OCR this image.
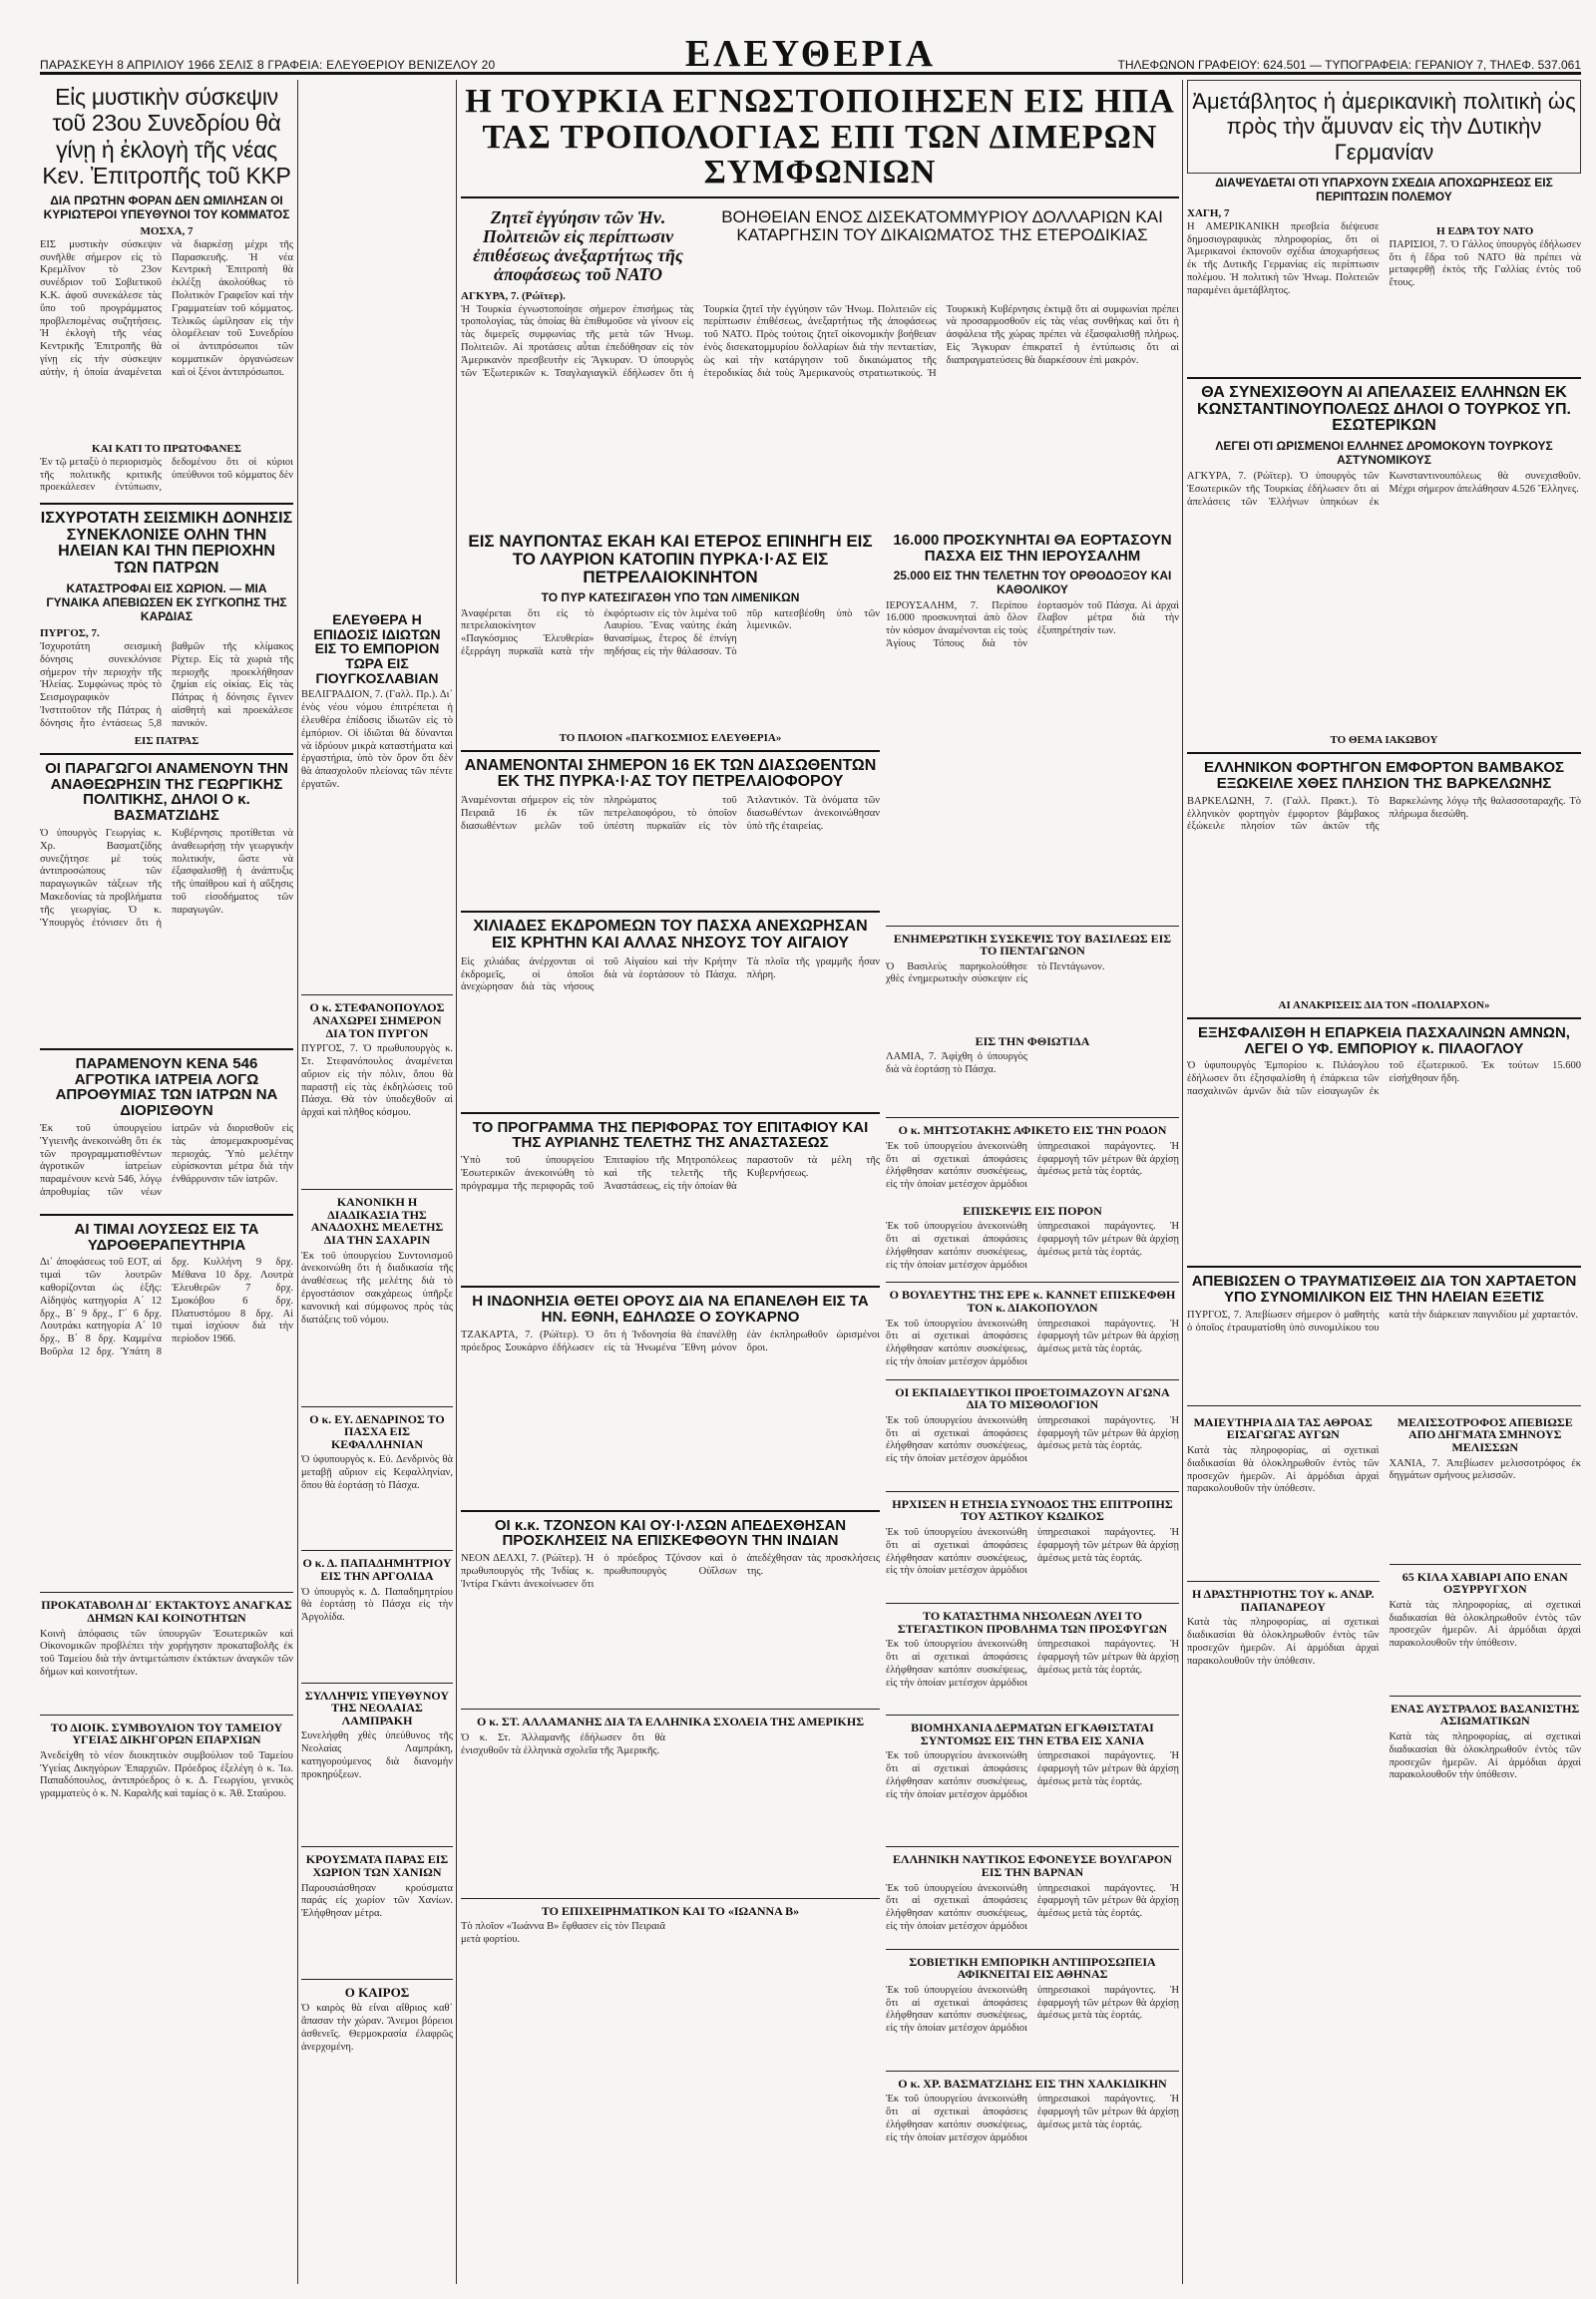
ΠΑΡΑΣΚΕΥΗ 8 ΑΠΡΙΛΙΟΥ 1966 ΣΕΛΙΣ 8 ΓΡΑΦΕΙΑ: ΕΛΕΥΘΕΡΙΟΥ ΒΕΝΙΖΕΛΟΥ 20	ΕΛΕΥΘΕΡΙΑ	ΤΗΛΕΦΩΝΟΝ ΓΡΑΦΕΙΟΥ: 624.501 — ΤΥΠΟΓΡΑΦΕΙΑ: ΓΕΡΑΝΙΟΥ 7, ΤΗΛΕΦ. 537.061
Εἰς μυστικὴν σύσκεψιν τοῦ 23ου Συνεδρίου θὰ γίνῃ ἡ ἐκλογὴ τῆς νέας Κεν. Ἐπιτροπῆς τοῦ ΚΚΡ
ΔΙΑ ΠΡΩΤΗΝ ΦΟΡΑΝ ΔΕΝ ΩΜΙΛΗΣΑΝ ΟΙ ΚΥΡΙΩΤΕΡΟΙ ΥΠΕΥΘΥΝΟΙ ΤΟΥ ΚΟΜΜΑΤΟΣ
ΜΟΣΧΑ, 7
ΕΙΣ μυστικὴν σύσκεψιν συνῆλθε σήμερον εἰς τὸ Κρεμλῖνον τὸ 23ον συνέδριον τοῦ Σοβιετικοῦ Κ.Κ. ἀφοῦ συνεκάλεσε τὰς ὕπο τοῦ προγράμματος προβλεπομένας συζητήσεις. Ἡ ἐκλογὴ τῆς νέας Κεντρικῆς Ἐπιτροπῆς θὰ γίνῃ εἰς τὴν σύσκεψιν αὐτὴν, ἡ ὁποία ἀναμένεται νὰ διαρκέσῃ μέχρι τῆς Παρασκευῆς. Ἡ νέα Κεντρικὴ Ἐπιτροπὴ θὰ ἐκλέξῃ ἀκολούθως τὸ Πολιτικὸν Γραφεῖον καὶ τὴν Γραμματείαν τοῦ κόμματος. Τελικῶς ὡμίλησαν εἰς τὴν ὁλομέλειαν τοῦ Συνεδρίου οἱ ἀντιπρόσωποι τῶν κομματικῶν ὀργανώσεων καὶ οἱ ξένοι ἀντιπρόσωποι.
ΚΑΙ ΚΑΤΙ ΤΟ ΠΡΩΤΟΦΑΝΕΣ
Ἐν τῷ μεταξὺ ὁ περιορισμὸς τῆς πολιτικῆς κριτικῆς προεκάλεσεν ἐντύπωσιν, δεδομένου ὅτι οἱ κύριοι ὑπεύθυνοι τοῦ κόμματος δὲν
ΙΣΧΥΡΟΤΑΤΗ ΣΕΙΣΜΙΚΗ ΔΟΝΗΣΙΣ ΣΥΝΕΚΛΟΝΙΣΕ ΟΛΗΝ ΤΗΝ ΗΛΕΙΑΝ ΚΑΙ ΤΗΝ ΠΕΡΙΟΧΗΝ ΤΩΝ ΠΑΤΡΩΝ
ΚΑΤΑΣΤΡΟΦΑΙ ΕΙΣ ΧΩΡΙΟΝ. — ΜΙΑ ΓΥΝΑΙΚΑ ΑΠΕΒΙΩΣΕΝ ΕΚ ΣΥΓΚΟΠΗΣ ΤΗΣ ΚΑΡΔΙΑΣ
ΠΥΡΓΟΣ, 7.
Ἰσχυροτάτη σεισμικὴ δόνησις συνεκλόνισε σήμερον τὴν περιοχὴν τῆς Ἠλείας. Συμφώνως πρὸς τὸ Σεισμογραφικὸν Ἰνστιτοῦτον τῆς Πάτρας ἡ δόνησις ἦτο ἐντάσεως 5,8 βαθμῶν τῆς κλίμακος Ρίχτερ. Εἰς τὰ χωριὰ τῆς περιοχῆς προεκλήθησαν ζημίαι εἰς οἰκίας. Εἰς τὰς Πάτρας ἡ δόνησις ἔγινεν αἰσθητὴ καὶ προεκάλεσε πανικόν.
ΕΙΣ ΠΑΤΡΑΣ
ΟΙ ΠΑΡΑΓΩΓΟΙ ΑΝΑΜΕΝΟΥΝ ΤΗΝ ΑΝΑΘΕΩΡΗΣΙΝ ΤΗΣ ΓΕΩΡΓΙΚΗΣ ΠΟΛΙΤΙΚΗΣ, ΔΗΛΟΙ Ο κ. ΒΑΣΜΑΤΖΙΔΗΣ
Ὁ ὑπουργὸς Γεωργίας κ. Χρ. Βασματζίδης συνεζήτησε μὲ τοὺς ἀντιπροσώπους τῶν παραγωγικῶν τάξεων τῆς Μακεδονίας τὰ προβλήματα τῆς γεωργίας. Ὁ κ. Ὑπουργὸς ἐτόνισεν ὅτι ἡ Κυβέρνησις προτίθεται νὰ ἀναθεωρήσῃ τὴν γεωργικὴν πολιτικήν, ὥστε νὰ ἐξασφαλισθῇ ἡ ἀνάπτυξις τῆς ὑπαίθρου καὶ ἡ αὔξησις τοῦ εἰσοδήματος τῶν παραγωγῶν.
ΠΑΡΑΜΕΝΟΥΝ ΚΕΝΑ 546 ΑΓΡΟΤΙΚΑ ΙΑΤΡΕΙΑ ΛΟΓΩ ΑΠΡΟΘΥΜΙΑΣ ΤΩΝ ΙΑΤΡΩΝ ΝΑ ΔΙΟΡΙΣΘΟΥΝ
Ἐκ τοῦ ὑπουργείου Ὑγιεινῆς ἀνεκοινώθη ὅτι ἐκ τῶν προγραμματισθέντων ἀγροτικῶν ἰατρείων παραμένουν κενὰ 546, λόγῳ ἀπροθυμίας τῶν νέων ἰατρῶν νὰ διορισθοῦν εἰς τὰς ἀπομεμακρυσμένας περιοχάς. Ὑπὸ μελέτην εὑρίσκονται μέτρα διὰ τὴν ἐνθάρρυνσιν τῶν ἰατρῶν.
ΑΙ ΤΙΜΑΙ ΛΟΥΣΕΩΣ ΕΙΣ ΤΑ ΥΔΡΟΘΕΡΑΠΕΥΤΗΡΙΑ
Δι᾽ ἀποφάσεως τοῦ ΕΟΤ, αἱ τιμαὶ τῶν λουτρῶν καθορίζονται ὡς ἑξῆς: Αἰδηψὸς κατηγορία Α΄ 12 δρχ., Β΄ 9 δρχ., Γ΄ 6 δρχ. Λουτράκι κατηγορία Α΄ 10 δρχ., Β΄ 8 δρχ. Καμμένα Βοῦρλα 12 δρχ. Ὑπάτη 8 δρχ. Κυλλήνη 9 δρχ. Μέθανα 10 δρχ. Λουτρὰ Ἐλευθερῶν 7 δρχ. Σμοκόβου 6 δρχ. Πλατυστόμου 8 δρχ. Αἱ τιμαὶ ἰσχύουν διὰ τὴν περίοδον 1966.
ΠΡΟΚΑΤΑΒΟΛΗ ΔΙ᾽ ΕΚΤΑΚΤΟΥΣ ΑΝΑΓΚΑΣ ΔΗΜΩΝ ΚΑΙ ΚΟΙΝΟΤΗΤΩΝ
Κοινὴ ἀπόφασις τῶν ὑπουργῶν Ἐσωτερικῶν καὶ Οἰκονομικῶν προβλέπει τὴν χορήγησιν προκαταβολῆς ἐκ τοῦ Ταμείου διὰ τὴν ἀντιμετώπισιν ἐκτάκτων ἀναγκῶν τῶν δήμων καὶ κοινοτήτων.
ΤΟ ΔΙΟΙΚ. ΣΥΜΒΟΥΛΙΟΝ ΤΟΥ ΤΑΜΕΙΟΥ ΥΓΕΙΑΣ ΔΙΚΗΓΟΡΩΝ ΕΠΑΡΧΙΩΝ
Ἀνεδείχθη τὸ νέον διοικητικὸν συμβούλιον τοῦ Ταμείου Ὑγείας Δικηγόρων Ἐπαρχιῶν. Πρόεδρος ἐξελέγη ὁ κ. Ἰω. Παπαδόπουλος, ἀντιπρόεδρος ὁ κ. Δ. Γεωργίου, γενικὸς γραμματεὺς ὁ κ. Ν. Καραλῆς καὶ ταμίας ὁ κ. Ἀθ. Σταύρου.
Η ΤΟΥΡΚΙΑ ΕΓΝΩΣΤΟΠΟΙΗΣΕΝ ΕΙΣ ΗΠΑ ΤΑΣ ΤΡΟΠΟΛΟΓΙΑΣ ΕΠΙ ΤΩΝ ΔΙΜΕΡΩΝ ΣΥΜΦΩΝΙΩΝ
Ζητεῖ ἐγγύησιν τῶν Ἡν. Πολιτειῶν εἰς περίπτωσιν ἐπιθέσεως ἀνεξαρτήτως τῆς ἀποφάσεως τοῦ ΝΑΤΟ
ΒΟΗΘΕΙΑΝ ΕΝΟΣ ΔΙΣΕΚΑΤΟΜΜΥΡΙΟΥ ΔΟΛΛΑΡΙΩΝ ΚΑΙ ΚΑΤΑΡΓΗΣΙΝ ΤΟΥ ΔΙΚΑΙΩΜΑΤΟΣ ΤΗΣ ΕΤΕΡΟΔΙΚΙΑΣ
ΑΓΚΥΡΑ, 7. (Ρώϊτερ).
Ἡ Τουρκία ἐγνωστοποίησε σήμερον ἐπισήμως τὰς τροπολογίας, τὰς ὁποίας θὰ ἐπιθυμοῦσε νὰ γίνουν εἰς τὰς διμερεῖς συμφωνίας τῆς μετὰ τῶν Ἡνωμ. Πολιτειῶν. Αἱ προτάσεις αὗται ἐπεδόθησαν εἰς τὸν Ἀμερικανὸν πρεσβευτὴν εἰς Ἄγκυραν. Ὁ ὑπουργὸς τῶν Ἐξωτερικῶν κ. Τσαγλαγιαγκὶλ ἐδήλωσεν ὅτι ἡ Τουρκία ζητεῖ τὴν ἐγγύησιν τῶν Ἡνωμ. Πολιτειῶν εἰς περίπτωσιν ἐπιθέσεως, ἀνεξαρτήτως τῆς ἀποφάσεως τοῦ ΝΑΤΟ. Πρὸς τούτοις ζητεῖ οἰκονομικὴν βοήθειαν ἑνὸς δισεκατομμυρίου δολλαρίων διὰ τὴν πενταετίαν, ὡς καὶ τὴν κατάργησιν τοῦ δικαιώματος τῆς ἑτεροδικίας διὰ τοὺς Ἀμερικανοὺς στρατιωτικούς. Ἡ Τουρκικὴ Κυβέρνησις ἐκτιμᾷ ὅτι αἱ συμφωνίαι πρέπει νὰ προσαρμοσθοῦν εἰς τὰς νέας συνθήκας καὶ ὅτι ἡ ἀσφάλεια τῆς χώρας πρέπει νὰ ἐξασφαλισθῇ πλήρως. Εἰς Ἄγκυραν ἐπικρατεῖ ἡ ἐντύπωσις ὅτι αἱ διαπραγματεύσεις θὰ διαρκέσουν ἐπὶ μακρόν.
ΕΛΕΥΘΕΡΑ Η ΕΠΙΔΟΣΙΣ ΙΔΙΩΤΩΝ ΕΙΣ ΤΟ ΕΜΠΟΡΙΟΝ ΤΩΡΑ ΕΙΣ ΓΙΟΥΓΚΟΣΛΑΒΙΑΝ
ΒΕΛΙΓΡΑΔΙΟΝ, 7. (Γαλλ. Πρ.). Δι᾽ ἑνὸς νέου νόμου ἐπιτρέπεται ἡ ἐλευθέρα ἐπίδοσις ἰδιωτῶν εἰς τὸ ἐμπόριον. Οἱ ἰδιῶται θὰ δύνανται νὰ ἱδρύουν μικρὰ καταστήματα καὶ ἐργαστήρια, ὑπὸ τὸν ὅρον ὅτι δὲν θὰ ἀπασχολοῦν πλείονας τῶν πέντε ἐργατῶν.
Ο κ. ΣΤΕΦΑΝΟΠΟΥΛΟΣ ΑΝΑΧΩΡΕΙ ΣΗΜΕΡΟΝ ΔΙΑ ΤΟΝ ΠΥΡΓΟΝ
ΠΥΡΓΟΣ, 7. Ὁ πρωθυπουργὸς κ. Στ. Στεφανόπουλος ἀναμένεται αὔριον εἰς τὴν πόλιν, ὅπου θὰ παραστῇ εἰς τὰς ἐκδηλώσεις τοῦ Πάσχα. Θὰ τὸν ὑποδεχθοῦν αἱ ἀρχαὶ καὶ πλῆθος κόσμου.
ΚΑΝΟΝΙΚΗ Η ΔΙΑΔΙΚΑΣΙΑ ΤΗΣ ΑΝΑΔΟΧΗΣ ΜΕΛΕΤΗΣ ΔΙΑ ΤΗΝ ΣΑΧΑΡΙΝ
Ἐκ τοῦ ὑπουργείου Συντονισμοῦ ἀνεκοινώθη ὅτι ἡ διαδικασία τῆς ἀναθέσεως τῆς μελέτης διὰ τὸ ἐργοστάσιον σακχάρεως ὑπῆρξε κανονικὴ καὶ σύμφωνος πρὸς τὰς διατάξεις τοῦ νόμου.
Ο κ. ΕΥ. ΔΕΝΔΡΙΝΟΣ ΤΟ ΠΑΣΧΑ ΕΙΣ ΚΕΦΑΛΛΗΝΙΑΝ
Ὁ ὑφυπουργὸς κ. Εὐ. Δενδρινὸς θὰ μεταβῇ αὔριον εἰς Κεφαλληνίαν, ὅπου θὰ ἑορτάσῃ τὸ Πάσχα.
Ο κ. Δ. ΠΑΠΑΔΗΜΗΤΡΙΟΥ ΕΙΣ ΤΗΝ ΑΡΓΟΛΙΔΑ
Ὁ ὑπουργὸς κ. Δ. Παπαδημητρίου θὰ ἑορτάσῃ τὸ Πάσχα εἰς τὴν Ἀργολίδα.
ΣΥΛΛΗΨΙΣ ΥΠΕΥΘΥΝΟΥ ΤΗΣ ΝΕΟΛΑΙΑΣ ΛΑΜΠΡΑΚΗ
Συνελήφθη χθὲς ὑπεύθυνος τῆς Νεολαίας Λαμπράκη, κατηγορούμενος διὰ διανομὴν προκηρύξεων.
ΚΡΟΥΣΜΑΤΑ ΠΑΡΑΣ ΕΙΣ ΧΩΡΙΟΝ ΤΩΝ ΧΑΝΙΩΝ
Παρουσιάσθησαν κρούσματα παράς εἰς χωρίον τῶν Χανίων. Ἐλήφθησαν μέτρα.
Ο ΚΑΙΡΟΣ
Ὁ καιρὸς θὰ εἶναι αἴθριος καθ᾽ ἅπασαν τὴν χώραν. Ἄνεμοι βόρειοι ἀσθενεῖς. Θερμοκρασία ἐλαφρῶς ἀνερχομένη.
ΕΙΣ ΝΑΥΠΟΝΤΑΣ ΕΚΑΗ ΚΑΙ ΕΤΕΡΟΣ ΕΠΙΝΗΓΗ ΕΙΣ ΤΟ ΛΑΥΡΙΟΝ ΚΑΤΟΠΙΝ ΠΥΡΚΑ·Ι·ΑΣ ΕΙΣ ΠΕΤΡΕΛΑΙΟΚΙΝΗΤΟΝ
ΤΟ ΠΥΡ ΚΑΤΕΣΙΓΑΣΘΗ ΥΠΟ ΤΩΝ ΛΙΜΕΝΙΚΩΝ
Ἀναφέρεται ὅτι εἰς τὸ πετρελαιοκίνητον «Παγκόσμιος Ἐλευθερία» ἐξερράγη πυρκαϊὰ κατὰ τὴν ἐκφόρτωσιν εἰς τὸν λιμένα τοῦ Λαυρίου. Ἕνας ναύτης ἐκάη θανασίμως, ἕτερος δὲ ἐπνίγη πηδήσας εἰς τὴν θάλασσαν. Τὸ πῦρ κατεσβέσθη ὑπὸ τῶν λιμενικῶν.
ΤΟ ΠΛΟΙΟΝ «ΠΑΓΚΟΣΜΙΟΣ ΕΛΕΥΘΕΡΙΑ»
ΑΝΑΜΕΝΟΝΤΑΙ ΣΗΜΕΡΟΝ 16 ΕΚ ΤΩΝ ΔΙΑΣΩΘΕΝΤΩΝ ΕΚ ΤΗΣ ΠΥΡΚΑ·Ι·ΑΣ ΤΟΥ ΠΕΤΡΕΛΑΙΟΦΟΡΟΥ
Ἀναμένονται σήμερον εἰς τὸν Πειραιᾶ 16 ἐκ τῶν διασωθέντων μελῶν τοῦ πληρώματος τοῦ πετρελαιοφόρου, τὸ ὁποῖον ὑπέστη πυρκαϊὰν εἰς τὸν Ἀτλαντικόν. Τὰ ὀνόματα τῶν διασωθέντων ἀνεκοινώθησαν ὑπὸ τῆς ἐταιρείας.
ΧΙΛΙΑΔΕΣ ΕΚΔΡΟΜΕΩΝ ΤΟΥ ΠΑΣΧΑ ΑΝΕΧΩΡΗΣΑΝ ΕΙΣ ΚΡΗΤΗΝ ΚΑΙ ΑΛΛΑΣ ΝΗΣΟΥΣ ΤΟΥ ΑΙΓΑΙΟΥ
Εἰς χιλιάδας ἀνέρχονται οἱ ἐκδρομεῖς, οἱ ὁποῖοι ἀνεχώρησαν διὰ τὰς νήσους τοῦ Αἰγαίου καὶ τὴν Κρήτην διὰ νὰ ἑορτάσουν τὸ Πάσχα. Τὰ πλοῖα τῆς γραμμῆς ἦσαν πλήρη.
ΤΟ ΠΡΟΓΡΑΜΜΑ ΤΗΣ ΠΕΡΙΦΟΡΑΣ ΤΟΥ ΕΠΙΤΑΦΙΟΥ ΚΑΙ ΤΗΣ ΑΥΡΙΑΝΗΣ ΤΕΛΕΤΗΣ ΤΗΣ ΑΝΑΣΤΑΣΕΩΣ
Ὑπὸ τοῦ ὑπουργείου Ἐσωτερικῶν ἀνεκοινώθη τὸ πρόγραμμα τῆς περιφορᾶς τοῦ Ἐπιταφίου τῆς Μητροπόλεως καὶ τῆς τελετῆς τῆς Ἀναστάσεως, εἰς τὴν ὁποίαν θὰ παραστοῦν τὰ μέλη τῆς Κυβερνήσεως.
Η ΙΝΔΟΝΗΣΙΑ ΘΕΤΕΙ ΟΡΟΥΣ ΔΙΑ ΝΑ ΕΠΑΝΕΛΘΗ ΕΙΣ ΤΑ ΗΝ. ΕΘΝΗ, ΕΔΗΛΩΣΕ Ο ΣΟΥΚΑΡΝΟ
ΤΖΑΚΑΡΤΑ, 7. (Ρώϊτερ). Ὁ πρόεδρος Σουκάρνο ἐδήλωσεν ὅτι ἡ Ἰνδονησία θὰ ἐπανέλθῃ εἰς τὰ Ἡνωμένα Ἔθνη μόνον ἐὰν ἐκπληρωθοῦν ὡρισμένοι ὅροι.
ΟΙ κ.κ. ΤΖΟΝΣΟΝ ΚΑΙ ΟΥ·Ι·ΛΣΩΝ ΑΠΕΔΕΧΘΗΣΑΝ ΠΡΟΣΚΛΗΣΕΙΣ ΝΑ ΕΠΙΣΚΕΦΘΟΥΝ ΤΗΝ ΙΝΔΙΑΝ
ΝΕΟΝ ΔΕΛΧΙ, 7. (Ρώϊτερ). Ἡ πρωθυπουργὸς τῆς Ἰνδίας κ. Ἰντίρα Γκάντι ἀνεκοίνωσεν ὅτι ὁ πρόεδρος Τζόνσον καὶ ὁ πρωθυπουργὸς Οὐΐλσων ἀπεδέχθησαν τὰς προσκλήσεις της.
Ο κ. ΣΤ. ΑΛΛΑΜΑΝΗΣ ΔΙΑ ΤΑ ΕΛΛΗΝΙΚΑ ΣΧΟΛΕΙΑ ΤΗΣ ΑΜΕΡΙΚΗΣ
Ὁ κ. Στ. Ἀλλαμανῆς ἐδήλωσεν ὅτι θὰ ἐνισχυθοῦν τὰ ἑλληνικὰ σχολεῖα τῆς Ἀμερικῆς.
ΤΟ ΕΠΙΧΕΙΡΗΜΑΤΙΚΟΝ ΚΑΙ ΤΟ «ΙΩΑΝΝΑ Β»
Τὸ πλοῖον «Ἰωάννα Β» ἔφθασεν εἰς τὸν Πειραιᾶ μετὰ φορτίου.
16.000 ΠΡΟΣΚΥΝΗΤΑΙ ΘΑ ΕΟΡΤΑΣΟΥΝ ΠΑΣΧΑ ΕΙΣ ΤΗΝ ΙΕΡΟΥΣΑΛΗΜ
25.000 ΕΙΣ ΤΗΝ ΤΕΛΕΤΗΝ ΤΟΥ ΟΡΘΟΔΟΞΟΥ ΚΑΙ ΚΑΘΟΛΙΚΟΥ
ΙΕΡΟΥΣΑΛΗΜ, 7. Περίπου 16.000 προσκυνηταὶ ἀπὸ ὅλον τὸν κόσμον ἀναμένονται εἰς τοὺς Ἁγίους Τόπους διὰ τὸν ἑορτασμὸν τοῦ Πάσχα. Αἱ ἀρχαὶ ἔλαβον μέτρα διὰ τὴν ἐξυπηρέτησίν των.
ΕΝΗΜΕΡΩΤΙΚΗ ΣΥΣΚΕΨΙΣ ΤΟΥ ΒΑΣΙΛΕΩΣ ΕΙΣ ΤΟ ΠΕΝΤΑΓΩΝΟΝ
Ὁ Βασιλεὺς παρηκολούθησε χθὲς ἐνημερωτικὴν σύσκεψιν εἰς τὸ Πεντάγωνον.
ΕΙΣ ΤΗΝ ΦΘΙΩΤΙΔΑ
ΛΑΜΙΑ, 7. Ἀφίχθη ὁ ὑπουργὸς διὰ νὰ ἑορτάσῃ τὸ Πάσχα.
Ο κ. ΜΗΤΣΟΤΑΚΗΣ ΑΦΙΚΕΤΟ ΕΙΣ ΤΗΝ ΡΟΔΟΝ
Ἐκ τοῦ ὑπουργείου ἀνεκοινώθη ὅτι αἱ σχετικαὶ ἀποφάσεις ἐλήφθησαν κατόπιν συσκέψεως, εἰς τὴν ὁποίαν μετέσχον ἁρμόδιοι ὑπηρεσιακοὶ παράγοντες. Ἡ ἐφαρμογὴ τῶν μέτρων θὰ ἀρχίσῃ ἀμέσως μετὰ τὰς ἑορτάς.
ΕΠΙΣΚΕΨΙΣ ΕΙΣ ΠΟΡΟΝ
Ἐκ τοῦ ὑπουργείου ἀνεκοινώθη ὅτι αἱ σχετικαὶ ἀποφάσεις ἐλήφθησαν κατόπιν συσκέψεως, εἰς τὴν ὁποίαν μετέσχον ἁρμόδιοι ὑπηρεσιακοὶ παράγοντες. Ἡ ἐφαρμογὴ τῶν μέτρων θὰ ἀρχίσῃ ἀμέσως μετὰ τὰς ἑορτάς.
Ο ΒΟΥΛΕΥΤΗΣ ΤΗΣ ΕΡΕ κ. ΚΑΝΝΕΤ ΕΠΙΣΚΕΦΘΗ ΤΟΝ κ. ΔΙΑΚΟΠΟΥΛΟΝ
Ἐκ τοῦ ὑπουργείου ἀνεκοινώθη ὅτι αἱ σχετικαὶ ἀποφάσεις ἐλήφθησαν κατόπιν συσκέψεως, εἰς τὴν ὁποίαν μετέσχον ἁρμόδιοι ὑπηρεσιακοὶ παράγοντες. Ἡ ἐφαρμογὴ τῶν μέτρων θὰ ἀρχίσῃ ἀμέσως μετὰ τὰς ἑορτάς.
ΟΙ ΕΚΠΑΙΔΕΥΤΙΚΟΙ ΠΡΟΕΤΟΙΜΑΖΟΥΝ ΑΓΩΝΑ ΔΙΑ ΤΟ ΜΙΣΘΟΛΟΓΙΟΝ
Ἐκ τοῦ ὑπουργείου ἀνεκοινώθη ὅτι αἱ σχετικαὶ ἀποφάσεις ἐλήφθησαν κατόπιν συσκέψεως, εἰς τὴν ὁποίαν μετέσχον ἁρμόδιοι ὑπηρεσιακοὶ παράγοντες. Ἡ ἐφαρμογὴ τῶν μέτρων θὰ ἀρχίσῃ ἀμέσως μετὰ τὰς ἑορτάς.
ΗΡΧΙΣΕΝ Η ΕΤΗΣΙΑ ΣΥΝΟΔΟΣ ΤΗΣ ΕΠΙΤΡΟΠΗΣ ΤΟΥ ΑΣΤΙΚΟΥ ΚΩΔΙΚΟΣ
Ἐκ τοῦ ὑπουργείου ἀνεκοινώθη ὅτι αἱ σχετικαὶ ἀποφάσεις ἐλήφθησαν κατόπιν συσκέψεως, εἰς τὴν ὁποίαν μετέσχον ἁρμόδιοι ὑπηρεσιακοὶ παράγοντες. Ἡ ἐφαρμογὴ τῶν μέτρων θὰ ἀρχίσῃ ἀμέσως μετὰ τὰς ἑορτάς.
ΤΟ ΚΑΤΑΣΤΗΜΑ ΝΗΣΟΛΕΩΝ ΛΥΕΙ ΤΟ ΣΤΕΓΑΣΤΙΚΟΝ ΠΡΟΒΛΗΜΑ ΤΩΝ ΠΡΟΣΦΥΓΩΝ
Ἐκ τοῦ ὑπουργείου ἀνεκοινώθη ὅτι αἱ σχετικαὶ ἀποφάσεις ἐλήφθησαν κατόπιν συσκέψεως, εἰς τὴν ὁποίαν μετέσχον ἁρμόδιοι ὑπηρεσιακοὶ παράγοντες. Ἡ ἐφαρμογὴ τῶν μέτρων θὰ ἀρχίσῃ ἀμέσως μετὰ τὰς ἑορτάς.
ΒΙΟΜΗΧΑΝΙΑ ΔΕΡΜΑΤΩΝ ΕΓΚΑΘΙΣΤΑΤΑΙ ΣΥΝΤΟΜΩΣ ΕΙΣ ΤΗΝ ΕΤΒΑ ΕΙΣ ΧΑΝΙΑ
Ἐκ τοῦ ὑπουργείου ἀνεκοινώθη ὅτι αἱ σχετικαὶ ἀποφάσεις ἐλήφθησαν κατόπιν συσκέψεως, εἰς τὴν ὁποίαν μετέσχον ἁρμόδιοι ὑπηρεσιακοὶ παράγοντες. Ἡ ἐφαρμογὴ τῶν μέτρων θὰ ἀρχίσῃ ἀμέσως μετὰ τὰς ἑορτάς.
ΕΛΛΗΝΙΚΗ ΝΑΥΤΙΚΟΣ ΕΦΟΝΕΥΣΕ ΒΟΥΛΓΑΡΟΝ ΕΙΣ ΤΗΝ ΒΑΡΝΑΝ
Ἐκ τοῦ ὑπουργείου ἀνεκοινώθη ὅτι αἱ σχετικαὶ ἀποφάσεις ἐλήφθησαν κατόπιν συσκέψεως, εἰς τὴν ὁποίαν μετέσχον ἁρμόδιοι ὑπηρεσιακοὶ παράγοντες. Ἡ ἐφαρμογὴ τῶν μέτρων θὰ ἀρχίσῃ ἀμέσως μετὰ τὰς ἑορτάς.
ΣΟΒΙΕΤΙΚΗ ΕΜΠΟΡΙΚΗ ΑΝΤΙΠΡΟΣΩΠΕΙΑ ΑΦΙΚΝΕΙΤΑΙ ΕΙΣ ΑΘΗΝΑΣ
Ἐκ τοῦ ὑπουργείου ἀνεκοινώθη ὅτι αἱ σχετικαὶ ἀποφάσεις ἐλήφθησαν κατόπιν συσκέψεως, εἰς τὴν ὁποίαν μετέσχον ἁρμόδιοι ὑπηρεσιακοὶ παράγοντες. Ἡ ἐφαρμογὴ τῶν μέτρων θὰ ἀρχίσῃ ἀμέσως μετὰ τὰς ἑορτάς.
Ο κ. ΧΡ. ΒΑΣΜΑΤΖΙΔΗΣ ΕΙΣ ΤΗΝ ΧΑΛΚΙΔΙΚΗΝ
Ἐκ τοῦ ὑπουργείου ἀνεκοινώθη ὅτι αἱ σχετικαὶ ἀποφάσεις ἐλήφθησαν κατόπιν συσκέψεως, εἰς τὴν ὁποίαν μετέσχον ἁρμόδιοι ὑπηρεσιακοὶ παράγοντες. Ἡ ἐφαρμογὴ τῶν μέτρων θὰ ἀρχίσῃ ἀμέσως μετὰ τὰς ἑορτάς.
Ἀμετάβλητος ἡ ἀμερικανικὴ πολιτικὴ ὡς πρὸς τὴν ἄμυναν εἰς τὴν Δυτικὴν Γερμανίαν
ΔΙΑΨΕΥΔΕΤΑΙ ΟΤΙ ΥΠΑΡΧΟΥΝ ΣΧΕΔΙΑ ΑΠΟΧΩΡΗΣΕΩΣ ΕΙΣ ΠΕΡΙΠΤΩΣΙΝ ΠΟΛΕΜΟΥ
ΧΑΓΗ, 7
Η ΑΜΕΡΙΚΑΝΙΚΗ πρεσβεία διέψευσε δημοσιογραφικὰς πληροφορίας, ὅτι οἱ Ἀμερικανοὶ ἐκπονοῦν σχέδια ἀποχωρήσεως ἐκ τῆς Δυτικῆς Γερμανίας εἰς περίπτωσιν πολέμου. Ἡ πολιτικὴ τῶν Ἡνωμ. Πολιτειῶν παραμένει ἀμετάβλητος.
Η ΕΔΡΑ ΤΟΥ ΝΑΤΟ
ΠΑΡΙΣΙΟΙ, 7. Ὁ Γάλλος ὑπουργὸς ἐδήλωσεν ὅτι ἡ ἕδρα τοῦ ΝΑΤΟ θὰ πρέπει νὰ μεταφερθῇ ἐκτὸς τῆς Γαλλίας ἐντὸς τοῦ ἔτους.
ΘΑ ΣΥΝΕΧΙΣΘΟΥΝ ΑΙ ΑΠΕΛΑΣΕΙΣ ΕΛΛΗΝΩΝ ΕΚ ΚΩΝΣΤΑΝΤΙΝΟΥΠΟΛΕΩΣ ΔΗΛΟΙ Ο ΤΟΥΡΚΟΣ ΥΠ. ΕΣΩΤΕΡΙΚΩΝ
ΛΕΓΕΙ ΟΤΙ ΩΡΙΣΜΕΝΟΙ ΕΛΛΗΝΕΣ ΔΡΟΜΟΚΟΥΝ ΤΟΥΡΚΟΥΣ ΑΣΤΥΝΟΜΙΚΟΥΣ
ΑΓΚΥΡΑ, 7. (Ρώϊτερ). Ὁ ὑπουργὸς τῶν Ἐσωτερικῶν τῆς Τουρκίας ἐδήλωσεν ὅτι αἱ ἀπελάσεις τῶν Ἑλλήνων ὑπηκόων ἐκ Κωνσταντινουπόλεως θὰ συνεχισθοῦν. Μέχρι σήμερον ἀπελάθησαν 4.526 Ἕλληνες.
ΤΟ ΘΕΜΑ ΙΑΚΩΒΟΥ
ΕΛΛΗΝΙΚΟΝ ΦΟΡΤΗΓΟΝ ΕΜΦΟΡΤΟΝ ΒΑΜΒΑΚΟΣ ΕΞΩΚΕΙΛΕ ΧΘΕΣ ΠΛΗΣΙΟΝ ΤΗΣ ΒΑΡΚΕΛΩΝΗΣ
ΒΑΡΚΕΛΩΝΗ, 7. (Γαλλ. Πρακτ.). Τὸ ἑλληνικὸν φορτηγὸν ἐμφορτον βάμβακος ἐξώκειλε πλησίον τῶν ἀκτῶν τῆς Βαρκελώνης λόγῳ τῆς θαλασσοταραχῆς. Τὸ πλήρωμα διεσώθη.
ΑΙ ΑΝΑΚΡΙΣΕΙΣ ΔΙΑ ΤΟΝ «ΠΟΛΙΑΡΧΟΝ»
ΕΞΗΣΦΑΛΙΣΘΗ Η ΕΠΑΡΚΕΙΑ ΠΑΣΧΑΛΙΝΩΝ ΑΜΝΩΝ, ΛΕΓΕΙ Ο ΥΦ. ΕΜΠΟΡΙΟΥ κ. ΠΙΛΑΟΓΛΟΥ
Ὁ ὑφυπουργὸς Ἐμπορίου κ. Πιλάογλου ἐδήλωσεν ὅτι ἐξησφαλίσθη ἡ ἐπάρκεια τῶν πασχαλινῶν ἀμνῶν διὰ τῶν εἰσαγωγῶν ἐκ τοῦ ἐξωτερικοῦ. Ἐκ τούτων 15.600 εἰσήχθησαν ἤδη.
ΑΠΕΒΙΩΣΕΝ Ο ΤΡΑΥΜΑΤΙΣΘΕΙΣ ΔΙΑ ΤΟΝ ΧΑΡΤΑΕΤΟΝ ΥΠΟ ΣΥΝΟΜΙΛΙΚΟΝ ΕΙΣ ΤΗΝ ΗΛΕΙΑΝ ΕΞΕΤΙΣ
ΠΥΡΓΟΣ, 7. Ἀπεβίωσεν σήμερον ὁ μαθητὴς ὁ ὁποῖος ἐτραυματίσθη ὑπὸ συνομιλίκου του κατὰ τὴν διάρκειαν παιγνιδίου μὲ χαρταετόν.
ΜΑΙΕΥΤΗΡΙΑ ΔΙΑ ΤΑΣ ΑΘΡΟΑΣ ΕΙΣΑΓΩΓΑΣ ΑΥΓΩΝ
Κατὰ τὰς πληροφορίας, αἱ σχετικαὶ διαδικασίαι θὰ ὁλοκληρωθοῦν ἐντὸς τῶν προσεχῶν ἡμερῶν. Αἱ ἁρμόδιαι ἀρχαὶ παρακολουθοῦν τὴν ὑπόθεσιν.
Η ΔΡΑΣΤΗΡΙΟΤΗΣ ΤΟΥ κ. ΑΝΔΡ. ΠΑΠΑΝΔΡΕΟΥ
Κατὰ τὰς πληροφορίας, αἱ σχετικαὶ διαδικασίαι θὰ ὁλοκληρωθοῦν ἐντὸς τῶν προσεχῶν ἡμερῶν. Αἱ ἁρμόδιαι ἀρχαὶ παρακολουθοῦν τὴν ὑπόθεσιν.
ΜΕΛΙΣΣΟΤΡΟΦΟΣ ΑΠΕΒΙΩΣΕ ΑΠΟ ΔΗΓΜΑΤΑ ΣΜΗΝΟΥΣ ΜΕΛΙΣΣΩΝ
ΧΑΝΙΑ, 7. Ἀπεβίωσεν μελισσοτρόφος ἐκ δηγμάτων σμήνους μελισσῶν.
65 ΚΙΛΑ ΧΑΒΙΑΡΙ ΑΠΟ ΕΝΑΝ ΟΞΥΡΡΥΓΧΟΝ
Κατὰ τὰς πληροφορίας, αἱ σχετικαὶ διαδικασίαι θὰ ὁλοκληρωθοῦν ἐντὸς τῶν προσεχῶν ἡμερῶν. Αἱ ἁρμόδιαι ἀρχαὶ παρακολουθοῦν τὴν ὑπόθεσιν.
ΕΝΑΣ ΑΥΣΤΡΑΛΟΣ ΒΑΣΑΝΙΣΤΗΣ ΑΣΙΩΜΑΤΙΚΩΝ
Κατὰ τὰς πληροφορίας, αἱ σχετικαὶ διαδικασίαι θὰ ὁλοκληρωθοῦν ἐντὸς τῶν προσεχῶν ἡμερῶν. Αἱ ἁρμόδιαι ἀρχαὶ παρακολουθοῦν τὴν ὑπόθεσιν.
